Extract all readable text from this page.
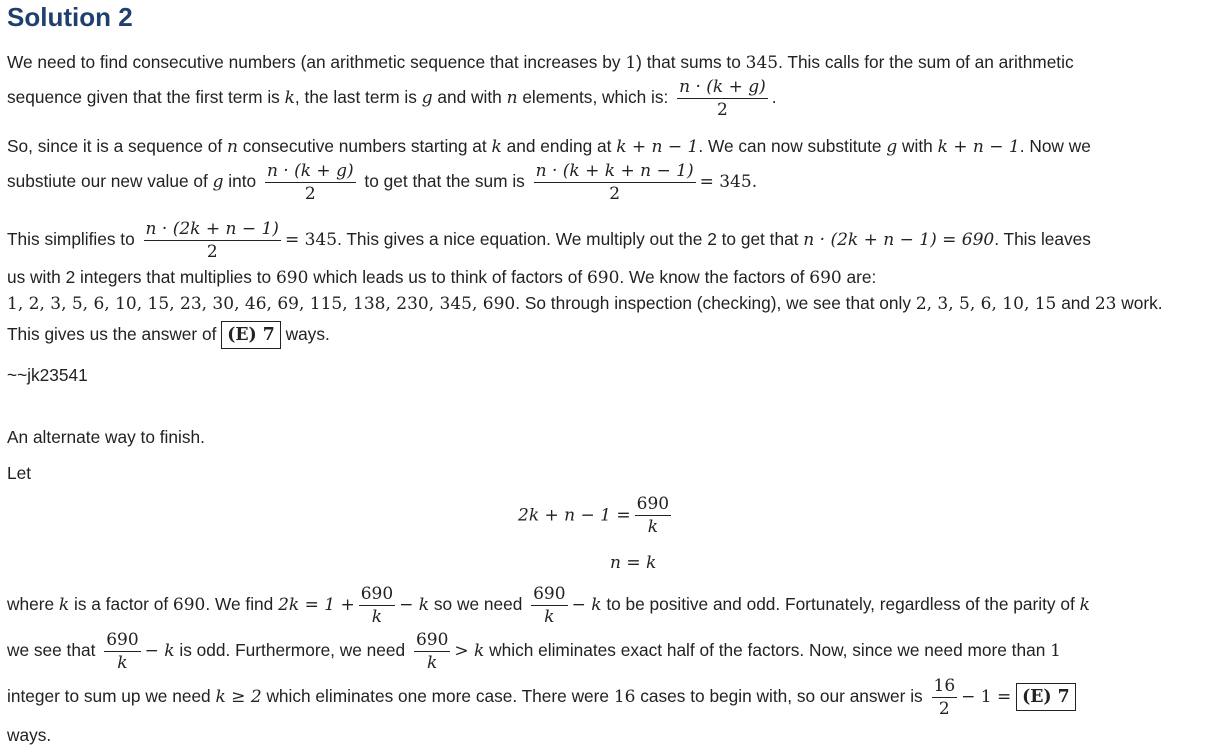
Solution 2
We need to find consecutive numbers (an arithmetic sequence that increases by 1) that sums to 345. This calls for the sum of an arithmetic
sequence given that the first term is k, the last term is g and with n elements, which is: $\frac{n \cdot (k + g)}{2}$ .
So, since it is a sequence of n consecutive numbers starting at k and ending at k + n − 1. We can now substitute g with k + n − 1. Now we
substiute our new value of g into $\frac{n \cdot (k + g)}{2}$ to get that the sum is $\frac{n \cdot (k + k + n - 1)}{2} = 345$.
This simplifies to $\frac{n \cdot (2k + n - 1)}{2} = 345$. This gives a nice equation. We multiply out the 2 to get that n · (2k + n − 1) = 690. This leaves
us with 2 integers that multiplies to 690 which leads us to think of factors of 690. We know the factors of 690 are:
1, 2, 3, 5, 6, 10, 15, 23, 30, 46, 69, 115, 138, 230, 345, 690. So through inspection (checking), we see that only 2, 3, 5, 6, 10, 15 and 23 work.
This gives us the answer of (E) 7 ways.
~~jk23541
An alternate way to finish.
Let
$2k + n - 1 = \frac{690}{k}$
n = k
where k is a factor of 690. We find $2k = 1 + \frac{690}{k} - k$ so we need $\frac{690}{k} - k$ to be positive and odd. Fortunately, regardless of the parity of k
we see that $\frac{690}{k} - k$ is odd. Furthermore, we need $\frac{690}{k} > k$ which eliminates exact half of the factors. Now, since we need more than 1
integer to sum up we need k ≥ 2 which eliminates one more case. There were 16 cases to begin with, so our answer is $\frac{16}{2} - 1 = (E)$ 7
ways.
